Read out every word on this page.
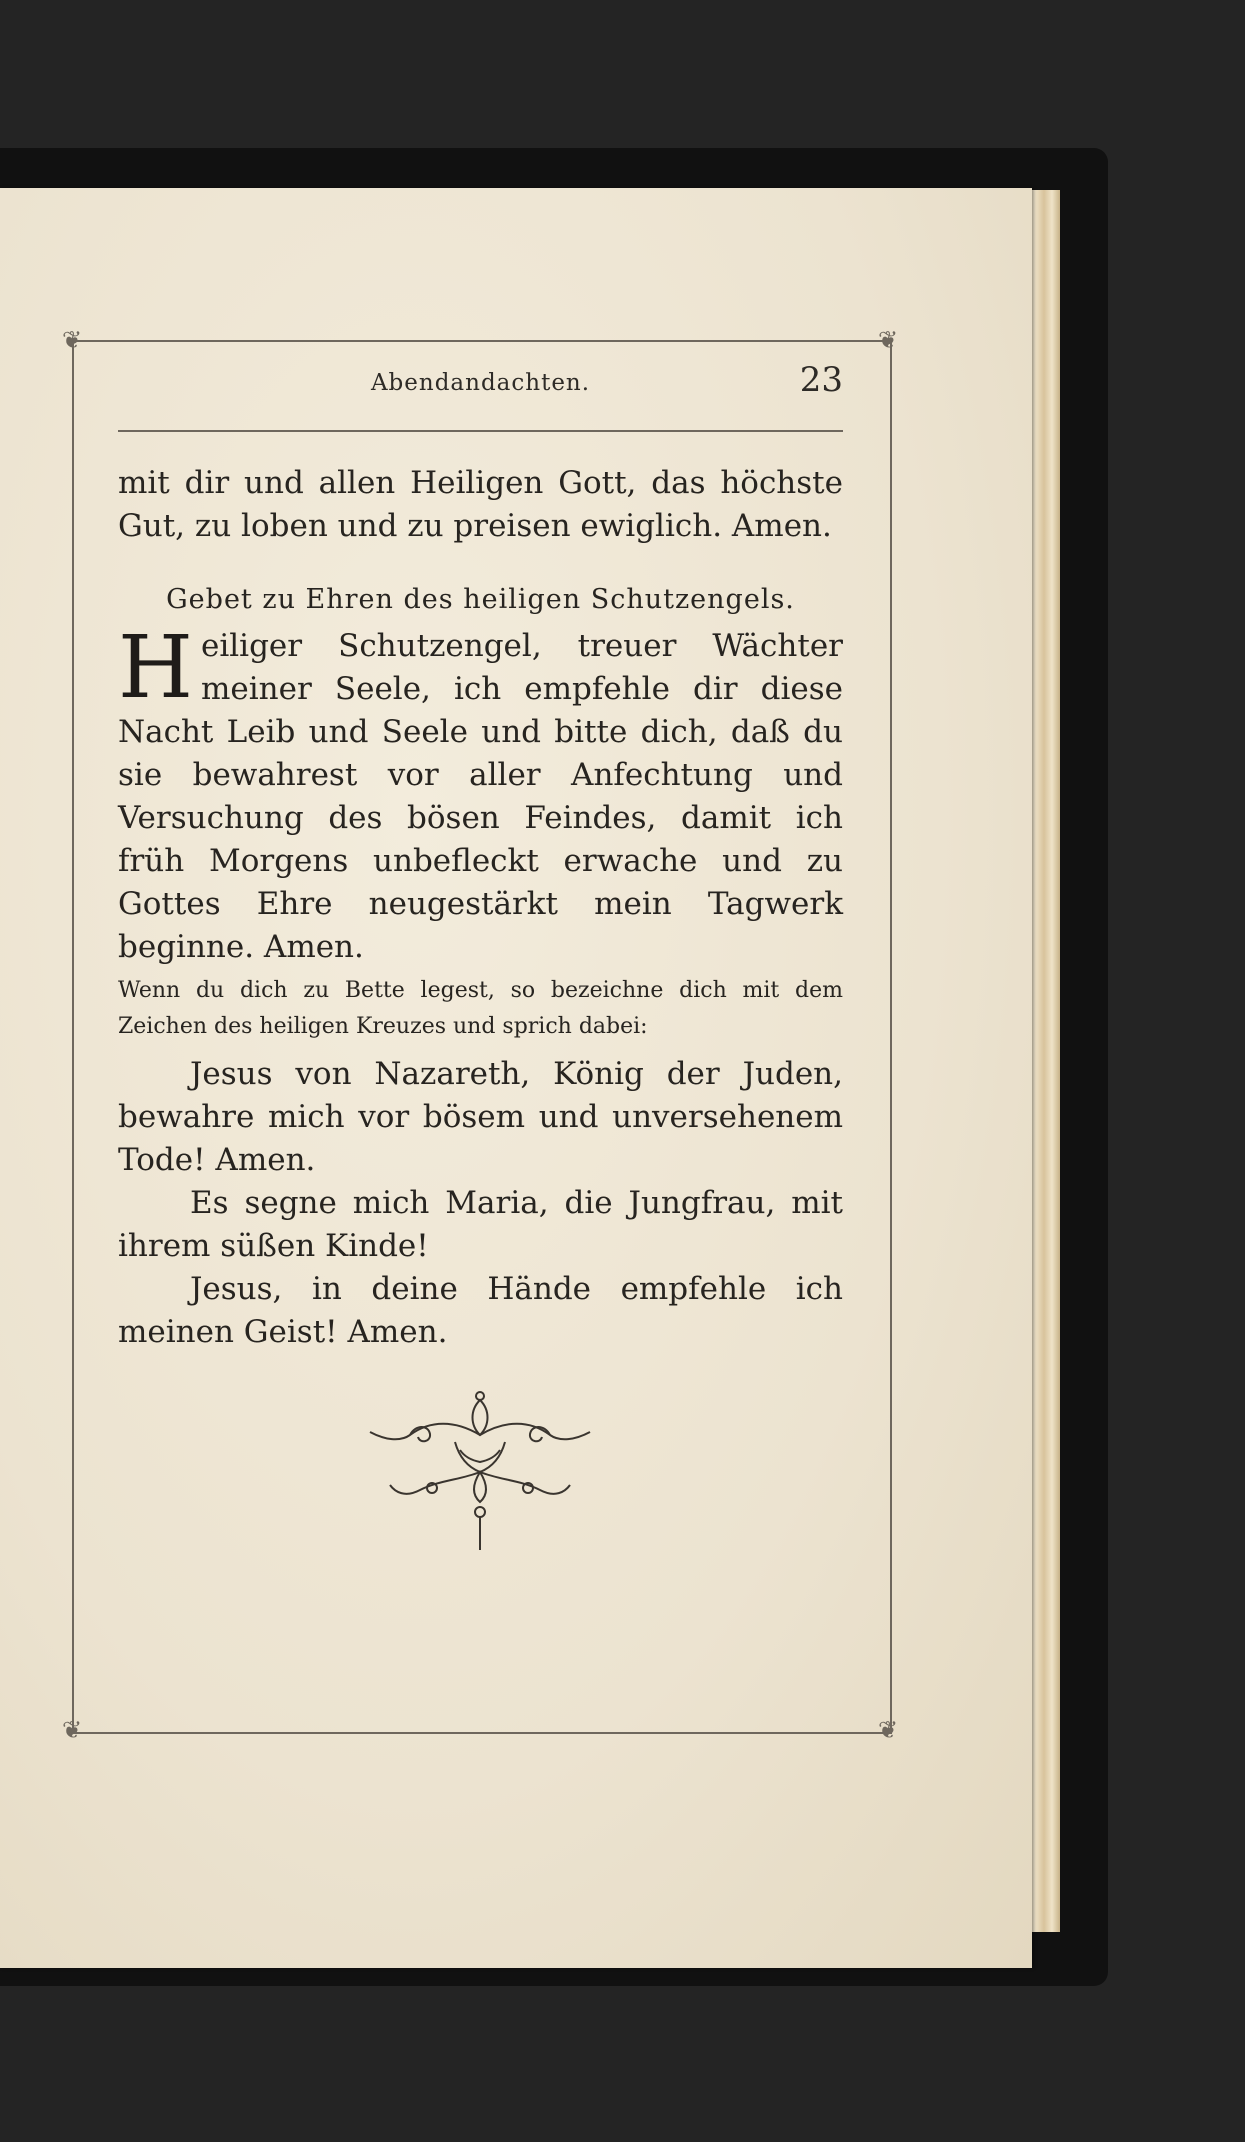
❦	❦
❦	❦
Abendandachten.	23

mit dir und allen Heiligen Gott, das höchste Gut, zu loben und zu preisen ewiglich. Amen.

Gebet zu Ehren des heiligen Schutzengels.

Heiliger Schutzengel, treuer Wächter meiner Seele, ich empfehle dir diese Nacht Leib und Seele und bitte dich, daß du sie bewahrest vor aller Anfechtung und Versuchung des bösen Feindes, damit ich früh Morgens unbefleckt erwache und zu Gottes Ehre neugestärkt mein Tagwerk beginne. Amen.

Wenn du dich zu Bette legest, so bezeichne dich mit dem Zeichen des heiligen Kreuzes und sprich dabei:

Jesus von Nazareth, König der Juden, bewahre mich vor bösem und unversehenem Tode! Amen.

Es segne mich Maria, die Jungfrau, mit ihrem süßen Kinde!

Jesus, in deine Hände empfehle ich meinen Geist! Amen.
